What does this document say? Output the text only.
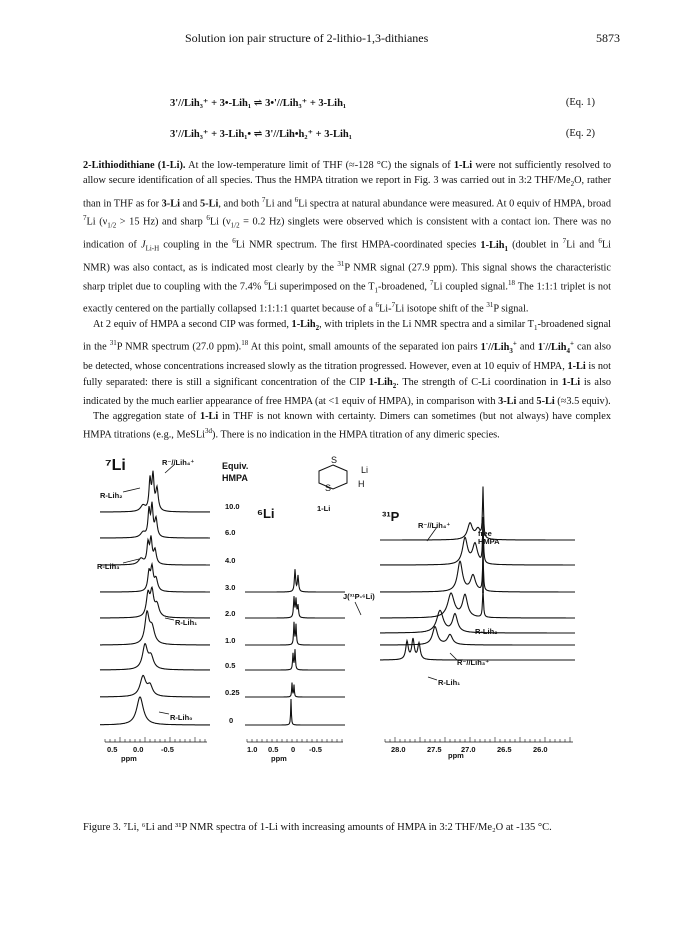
Solution ion pair structure of 2-lithio-1,3-dithianes	5873
3'//Lih₃⁺ + 3•-Lih₁ ⇌ 3•'//Lih₃⁺ + 3-Lih₁	(Eq. 1)
3'//Lih₃⁺ + 3-Lih₁• ⇌ 3'//Lih•h₂⁺ + 3-Lih₁	(Eq. 2)

2-Lithiodithiane (1-Li). At the low-temperature limit of THF (≈-128 °C) the signals of 1-Li were not sufficiently resolved to allow secure identification of all species. Thus the HMPA titration we report in Fig. 3 was carried out in 3:2 THF/$Me_2O$, rather than in THF as for 3-Li and 5-Li, and both $^7$Li and $^6$Li spectra at natural abundance were measured. At 0 equiv of HMPA, broad $^7$Li ($\nu_{1/2} > 15$ Hz) and sharp $^6$Li ($\nu_{1/2} = 0.2$ Hz) singlets were observed which is consistent with a contact ion. There was no indication of $J_{Li-H}$ coupling in the $^6$Li NMR spectrum. The first HMPA-coordinated species 1-Lih$_1$ (doublet in $^7$Li and $^6$Li NMR) was also contact, as is indicated most clearly by the $^{31}$P NMR signal (27.9 ppm). This signal shows the characteristic sharp triplet due to coupling with the 7.4% $^6$Li superimposed on the $T_1$-broadened, $^7$Li coupled signal.$^{18}$ The 1:1:1 triplet is not exactly centered on the partially collapsed 1:1:1:1 quartet because of a $^6$Li-$^7$Li isotope shift of the $^{31}$P signal.

At 2 equiv of HMPA a second CIP was formed, 1-Lih$_2$, with triplets in the Li NMR spectra and a similar $T_1$-broadened signal in the $^{31}$P NMR spectrum (27.0 ppm).$^{18}$ At this point, small amounts of the separated ion pairs 1-//Lih$_3$+ and 1-//Lih$_4$+ can also be detected, whose concentrations increased slowly as the titration progressed. However, even at 10 equiv of HMPA, 1-Li is not fully separated: there is still a significant concentration of the CIP 1-Lih$_2$. The strength of C-Li coordination in 1-Li is also indicated by the much earlier appearance of free HMPA (at <1 equiv of HMPA), in comparison with 3-Li and 5-Li (≈3.5 equiv).

The aggregation state of 1-Li in THF is not known with certainty. Dimers can sometimes (but not always) have complex HMPA titrations (e.g., MeSLi$^{3d}$). There is no indication in the HMPA titration of any dimeric species.

⁷Li	R⁻//Lih₄⁺
R-Lih₂
R-Lih₃
R-Lih₁
R-Lih₀
Equiv.
HMPA
10.0
6.0
4.0
3.0
2.0
1.0
0.5
0.25
0
⁶Li	1-Li
S
S
Li
H
³¹P
R⁻//Lih₄⁺
free HMPA
J(³¹P-⁶Li)
R-Lih₂
R⁻//Lih₃⁺
R-Lih₁
0.5 0.0 -0.5
ppm
1.0 0.5 0 -0.5
ppm
28.0	27.5	27.0	26.5	26.0
ppm
Figure 3. ⁷Li, ⁶Li and ³¹P NMR spectra of 1-Li with increasing amounts of HMPA in 3:2 THF/Me₂O at -135 °C.
